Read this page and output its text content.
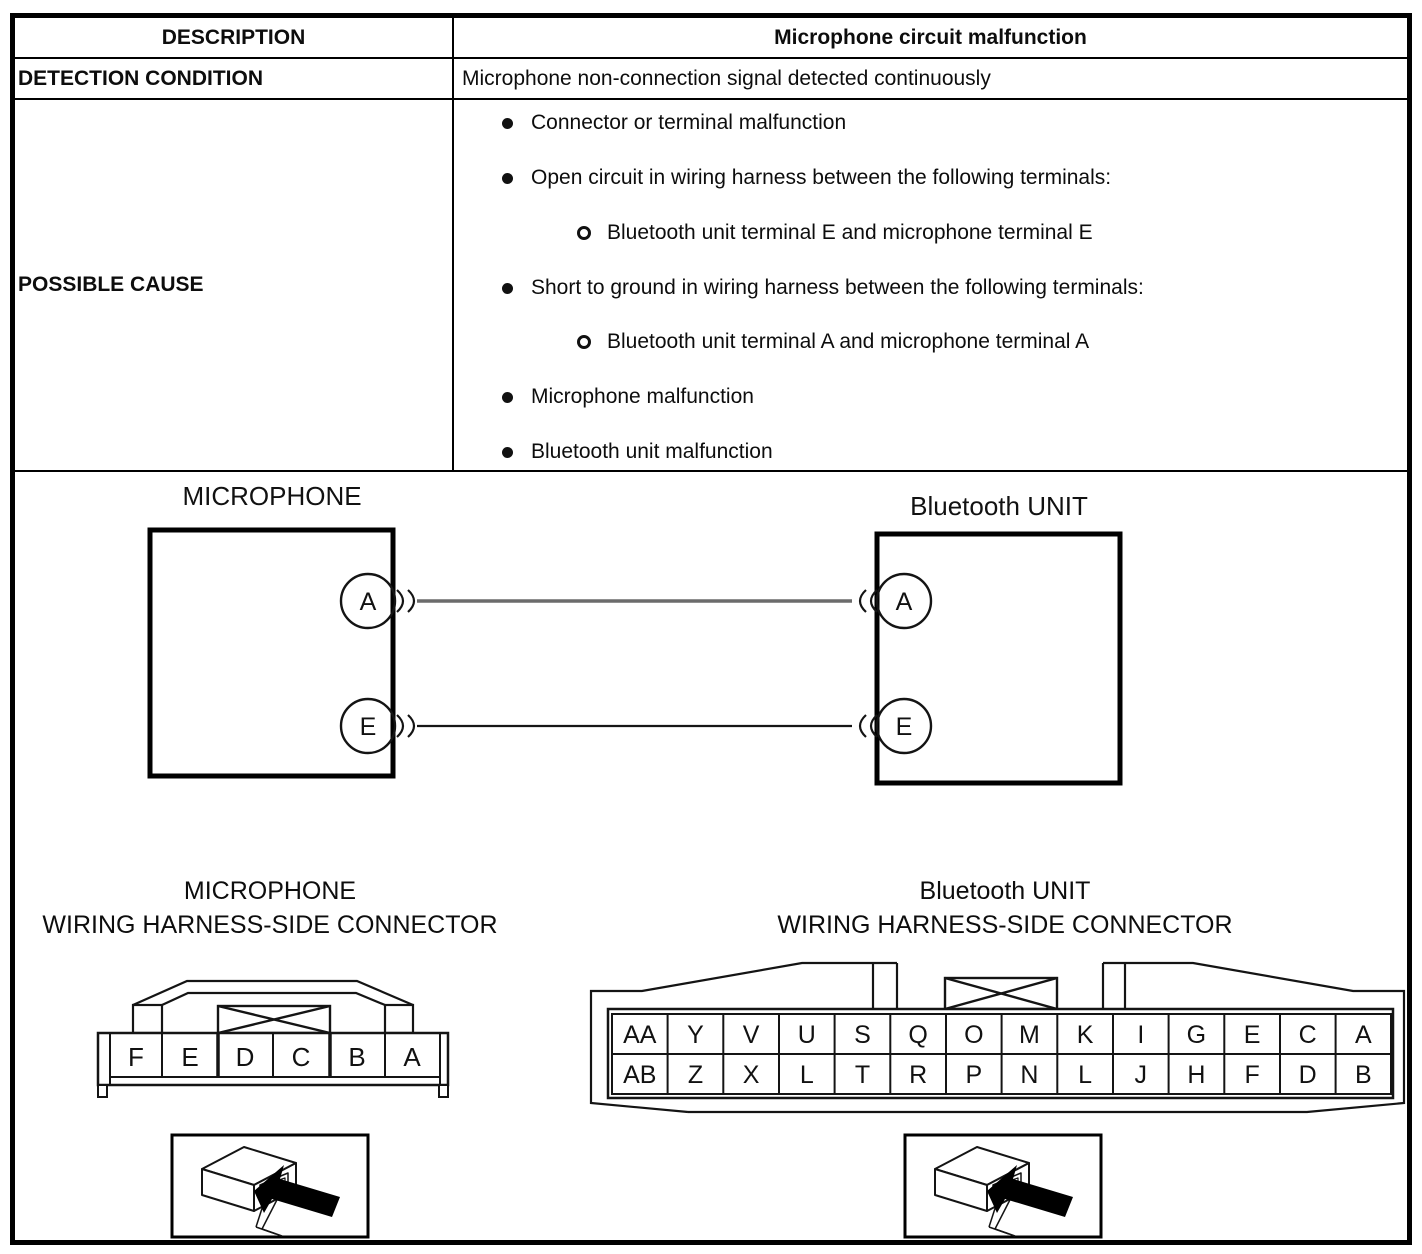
DESCRIPTION	Microphone circuit malfunction
DETECTION CONDITION	Microphone non-connection signal detected continuously
POSSIBLE CAUSE
Connector or terminal malfunction
Open circuit in wiring harness between the following terminals:
Bluetooth unit terminal E and microphone terminal E
Short to ground in wiring harness between the following terminals:
Bluetooth unit terminal A and microphone terminal A
Microphone malfunction
Bluetooth unit malfunction
MICROPHONE	Bluetooth UNIT
A
E
A
E
MICROPHONE
WIRING HARNESS-SIDE CONNECTOR
Bluetooth UNIT
WIRING HARNESS-SIDE CONNECTOR
F E D C B A
AA Y V U S Q O M K I G E C A
AB Z X L T R P N L J H F D B
